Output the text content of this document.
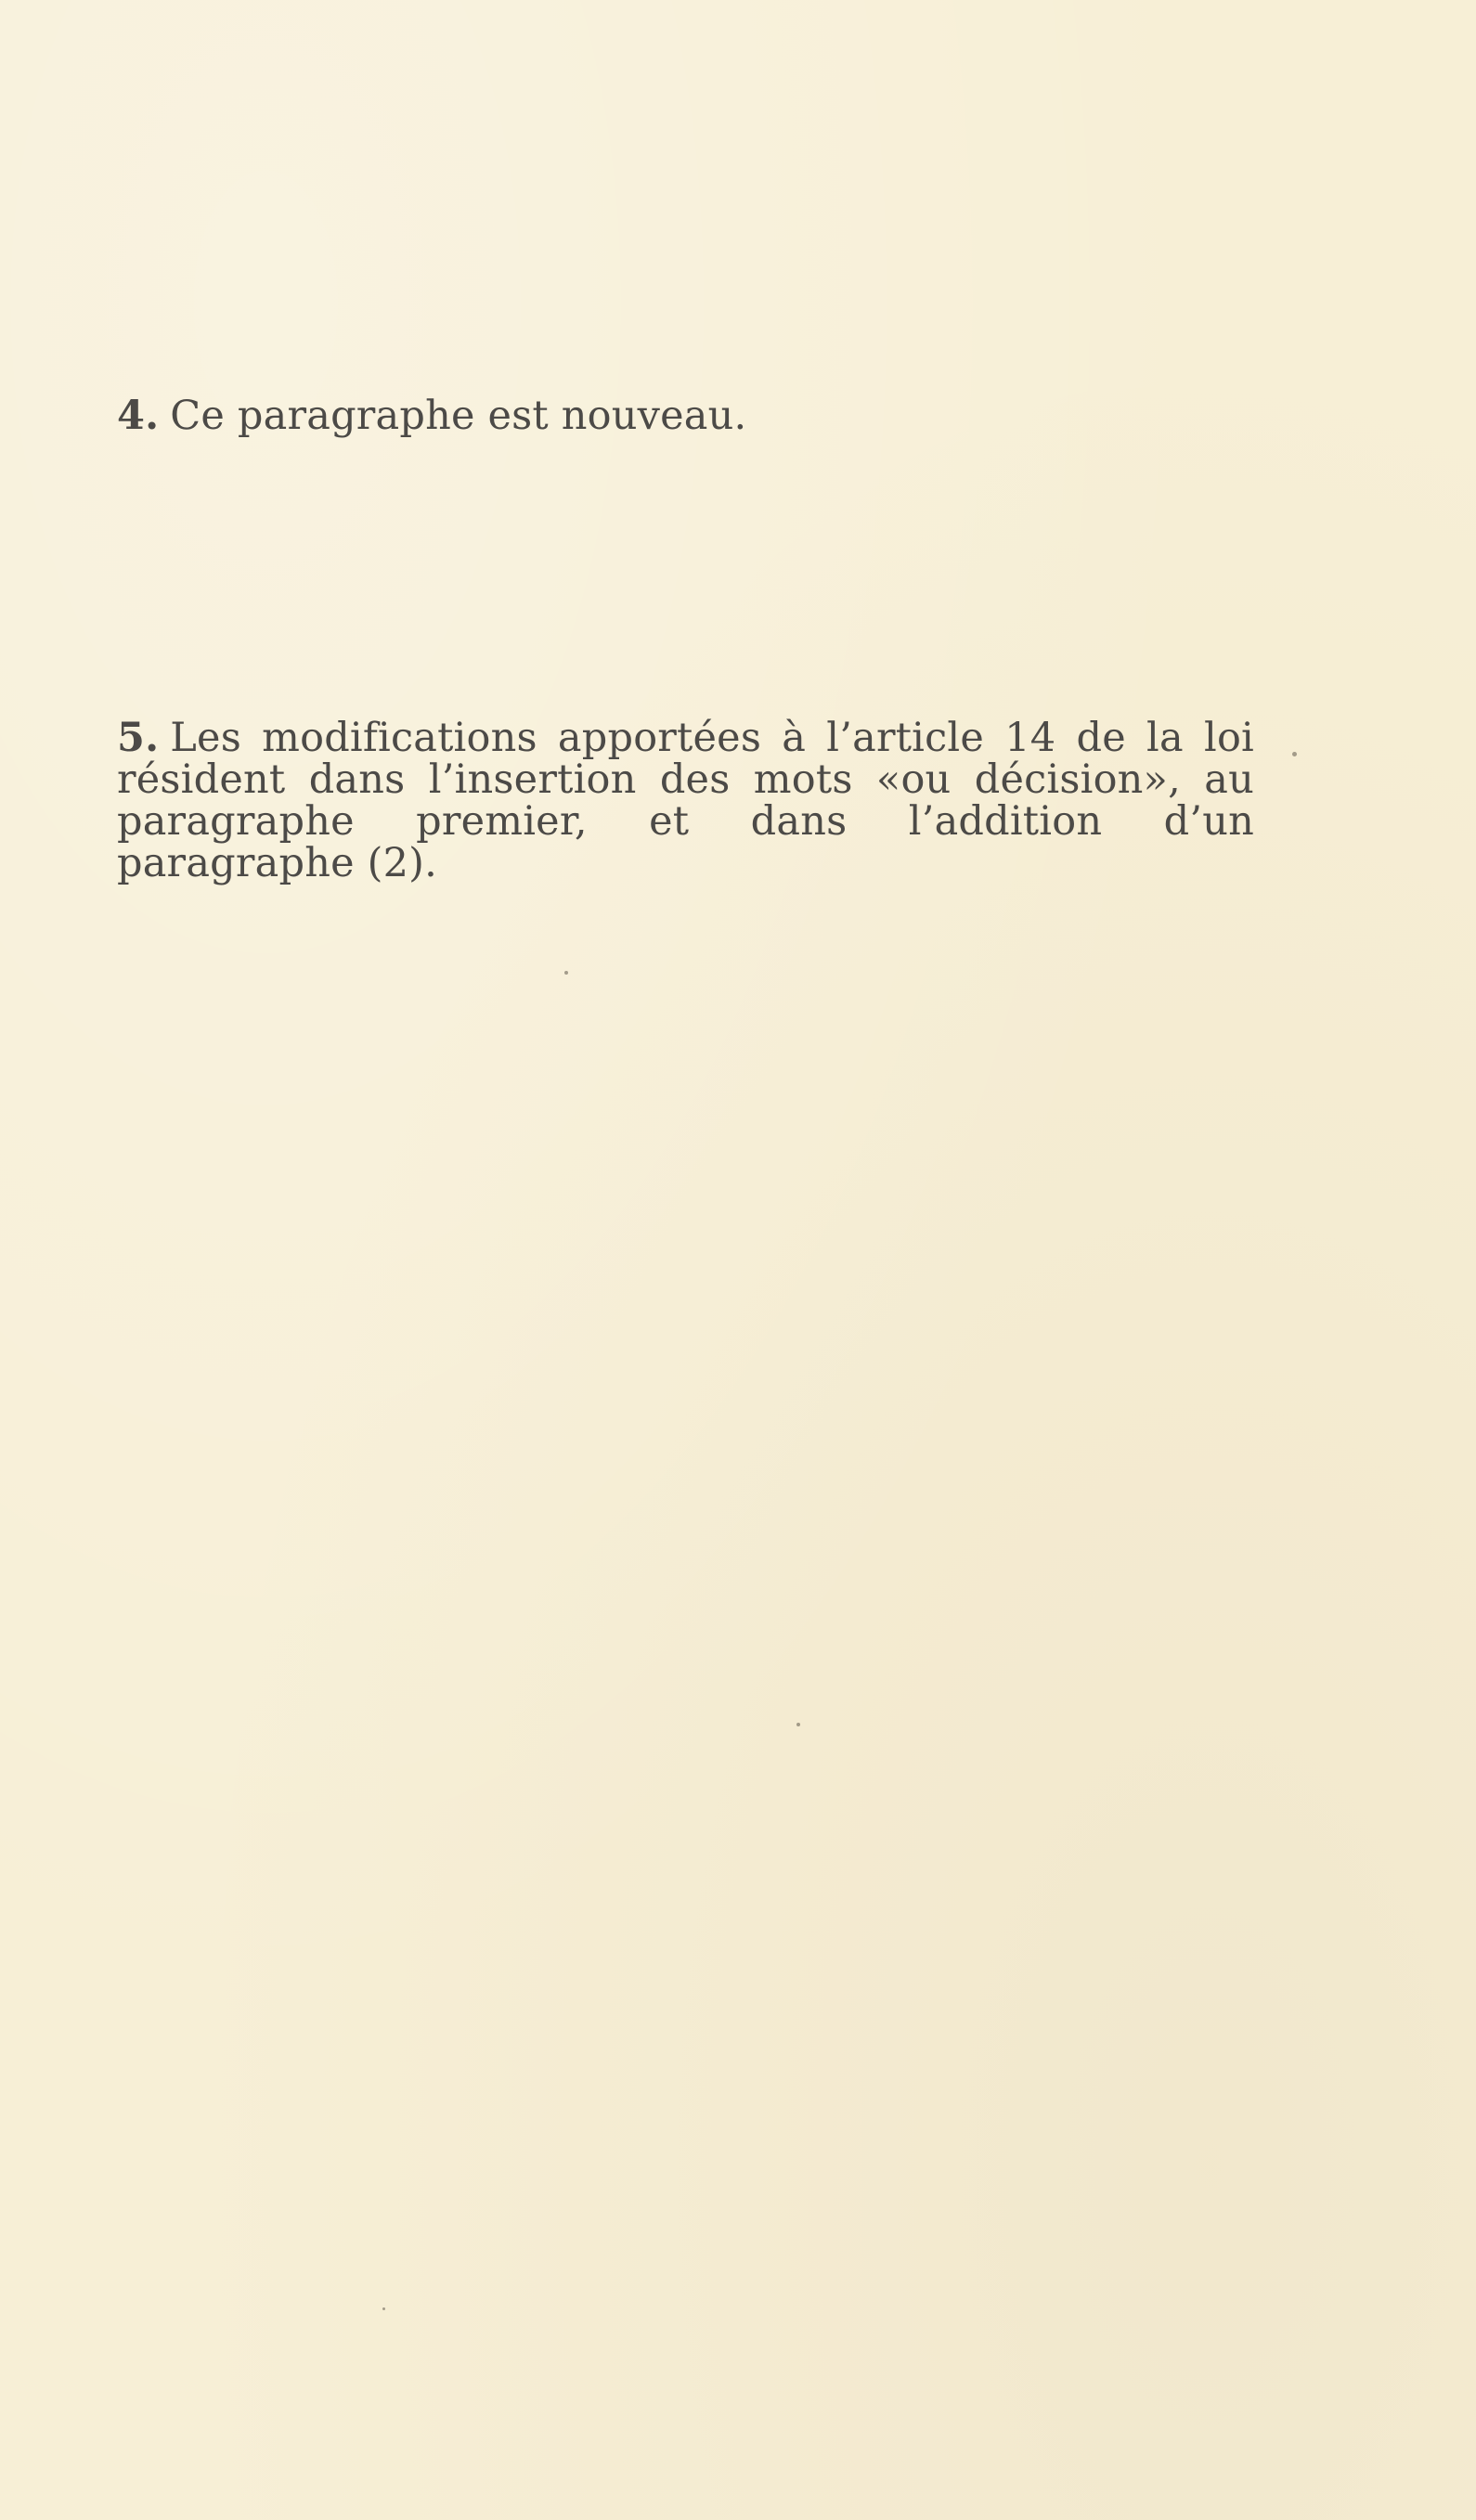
4. Ce paragraphe est nouveau.
5. Les modifications apportées à l’article 14 de la loi résident dans l’insertion des mots «ou décision», au paragraphe premier, et dans l’addition d’un paragraphe (2).
